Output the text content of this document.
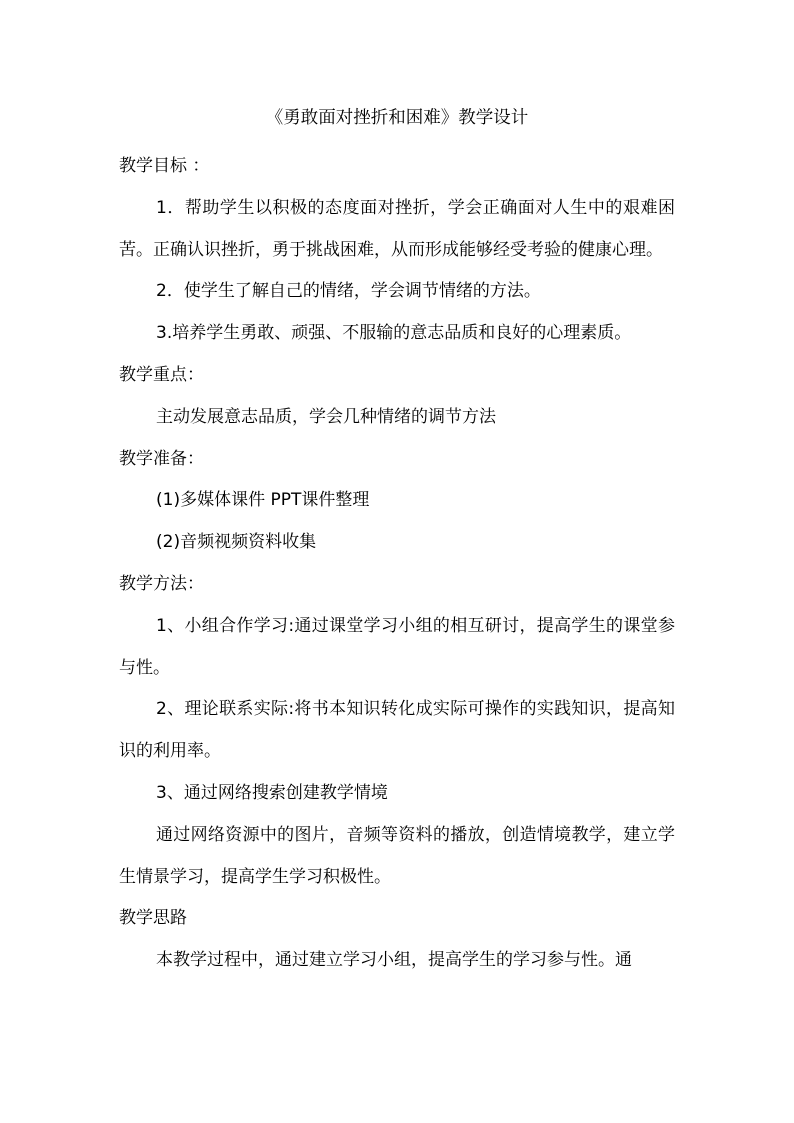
《勇敢面对挫折和困难》教学设计

教学目标 ：

1．帮助学生以积极的态度面对挫折，学会正确面对人生中的艰难困苦。正确认识挫折，勇于挑战困难，从而形成能够经受考验的健康心理。

2．使学生了解自己的情绪，学会调节情绪的方法。

3.培养学生勇敢、顽强、不服输的意志品质和良好的心理素质。

教学重点：

主动发展意志品质，学会几种情绪的调节方法

教学准备：

(1)多媒体课件 PPT课件整理

(2)音频视频资料收集

教学方法：

1、小组合作学习:通过课堂学习小组的相互研讨，提高学生的课堂参与性。

2、理论联系实际:将书本知识转化成实际可操作的实践知识，提高知识的利用率。

3、通过网络搜索创建教学情境

通过网络资源中的图片，音频等资料的播放，创造情境教学，建立学生情景学习，提高学生学习积极性。

教学思路

本教学过程中，通过建立学习小组，提高学生的学习参与性。通
